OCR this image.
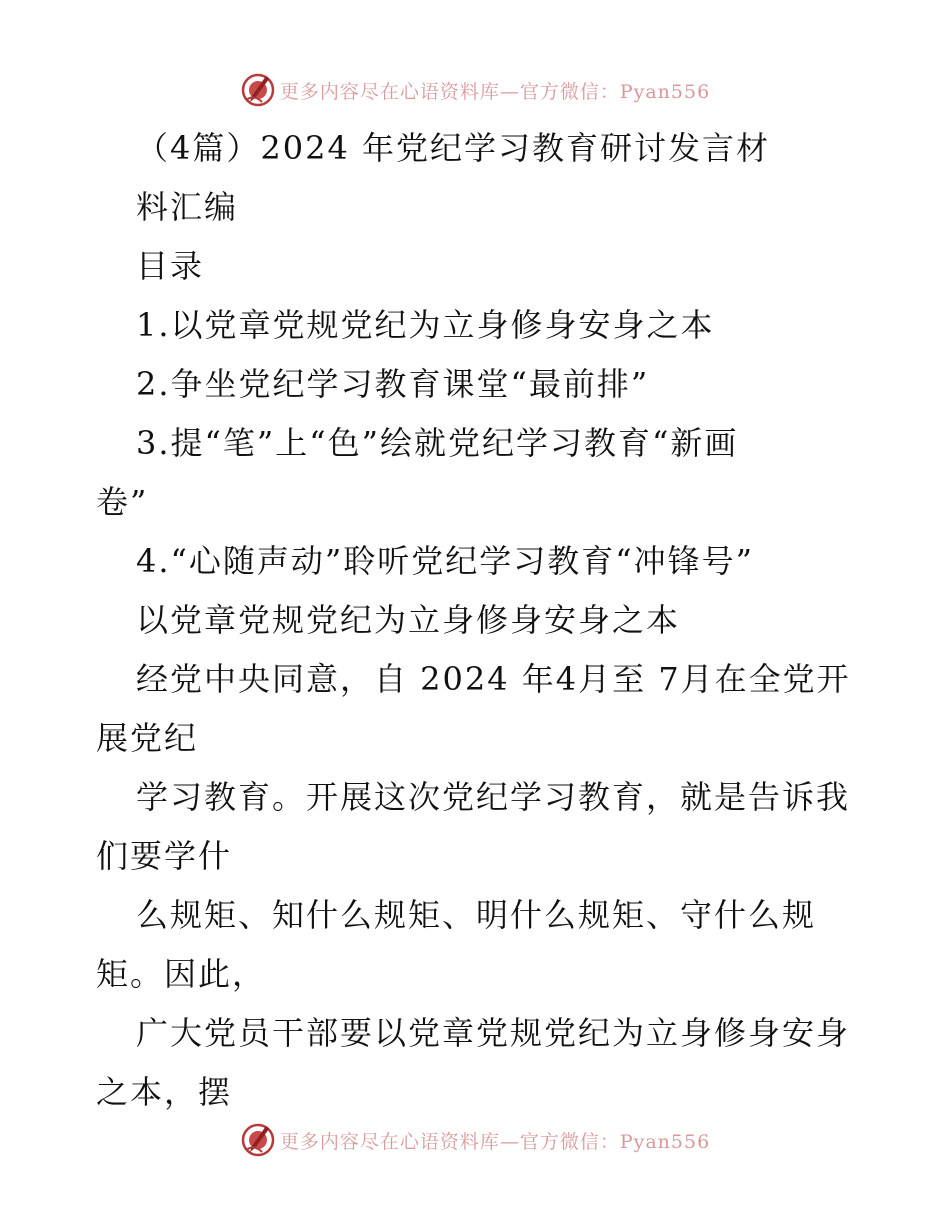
更多内容尽在心语资料库—官方微信：Pyan556
（4篇）2024 年党纪学习教育研讨发言材
料汇编
目录
1.以党章党规党纪为立身修身安身之本
2.争坐党纪学习教育课堂“最前排”
3.提“笔”上“色”绘就党纪学习教育“新画
卷”
4.“心随声动”聆听党纪学习教育“冲锋号”
以党章党规党纪为立身修身安身之本
经党中央同意，自 2024 年4月至 7月在全党开
展党纪
学习教育。开展这次党纪学习教育，就是告诉我
们要学什
么规矩、知什么规矩、明什么规矩、守什么规
矩。因此，
广大党员干部要以党章党规党纪为立身修身安身
之本，摆
更多内容尽在心语资料库—官方微信：Pyan556
